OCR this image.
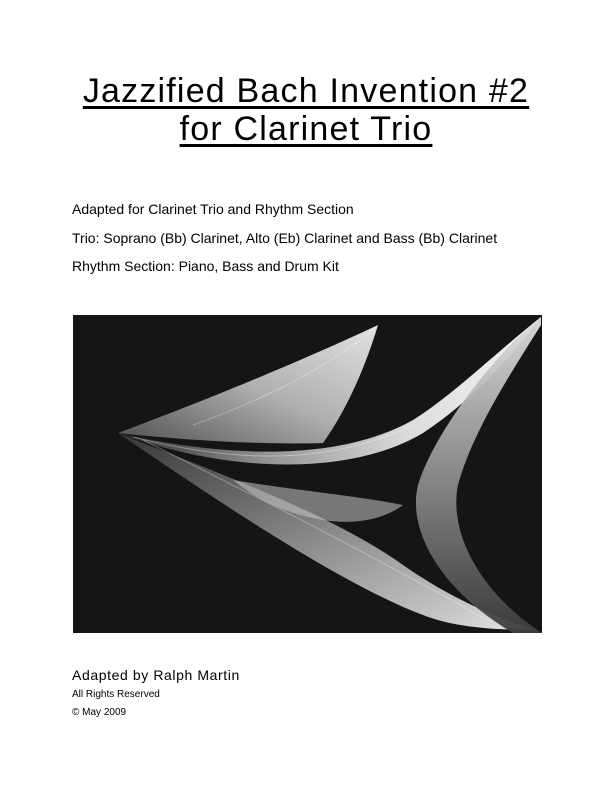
Jazzified Bach Invention #2
for Clarinet Trio
Adapted for Clarinet Trio and Rhythm Section
Trio: Soprano (Bb) Clarinet, Alto (Eb) Clarinet and Bass (Bb) Clarinet
Rhythm Section: Piano, Bass and Drum Kit
Adapted by Ralph Martin
All Rights Reserved
© May 2009
